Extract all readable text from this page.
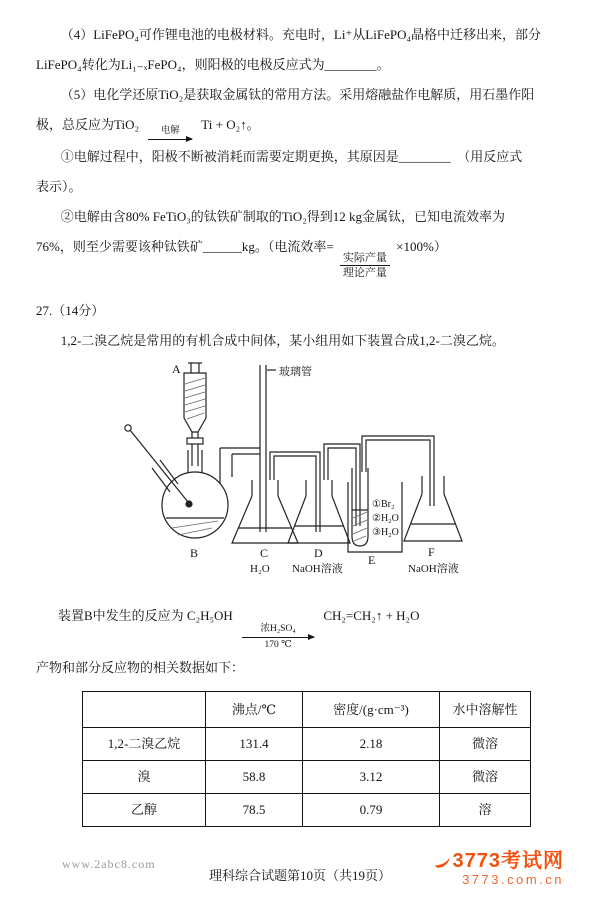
（4）LiFePO₄可作锂电池的电极材料。充电时，Li⁺从LiFePO₄晶格中迁移出来，部分
LiFePO₄转化为Li₁₋ₓFePO₄，则阳极的电极反应式为________。
（5）电化学还原TiO₂是获取金属钛的常用方法。采用熔融盐作电解质，用石墨作阳
极，总反应为TiO₂ 电解 Ti + O₂↑。
①电解过程中，阳极不断被消耗而需要定期更换，其原因是________　（用反应式
表示）。
②电解由含80% FeTiO₃的钛铁矿制取的TiO₂得到12 kg金属钛，已知电流效率为
76%，则至少需要该种钛铁矿______kg。（电流效率=
$\frac{\text{实际产量}}{\text{理论产量}}$
×100%）
27.（14分）
1,2-二溴乙烷是常用的有机合成中间体，某小组用如下装置合成1,2-二溴乙烷。
A	玻璃管
B	C
H₂O
D
NaOH溶液
E
①Br₂
②H₂O
③H₂O
F
NaOH溶液
装置B中发生的反应为 C₂H₅OH
浓H₂SO₄
170 ℃
CH₂=CH₂↑ + H₂O
产物和部分反应物的相关数据如下：
	沸点/℃	密度/(g·cm⁻³)	水中溶解性
1,2-二溴乙烷	131.4	2.18	微溶
溴	58.8	3.12	微溶
乙醇	78.5	0.79	溶
www.2abc8.com
理科综合试题第10页（共19页）
3773考试网
3773.com.cn
